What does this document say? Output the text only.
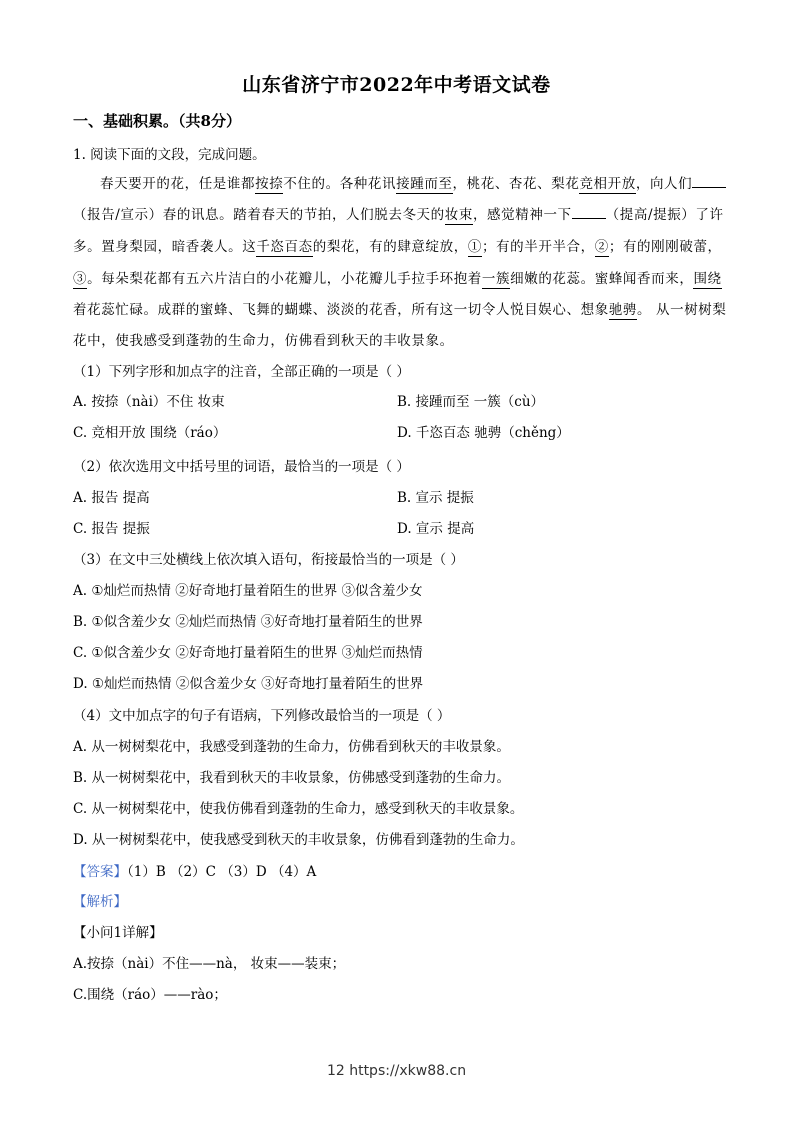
山东省济宁市2022年中考语文试卷
一、基础积累。（共8分）
1. 阅读下面的文段，完成问题。
春天要开的花，任是谁都按捺不住的。各种花讯接踵而至，桃花、杏花、梨花竞相开放，向人们
（报告/宣示）春的讯息。踏着春天的节拍，人们脱去冬天的妆束，感觉精神一下	（提高/提振）了许
多。置身梨园，暗香袭人。这千恣百态的梨花，有的肆意绽放，①；有的半开半合，②；有的刚刚破蕾，
③。每朵梨花都有五六片洁白的小花瓣儿，小花瓣儿手拉手环抱着一簇细嫩的花蕊。蜜蜂闻香而来，围绕
着花蕊忙碌。成群的蜜蜂、飞舞的蝴蝶、淡淡的花香，所有这一切令人悦目娱心、想象驰骋。 从一树树梨
花中，使我感受到蓬勃的生命力，仿佛看到秋天的丰收景象。
（1）下列字形和加点字的注音，全部正确的一项是（ ）
A. 按捺（nài）不住 妆束	B. 接踵而至 一簇（cù）
C. 竞相开放 围绕（ráo）	D. 千恣百态 驰骋（chěng）
（2）依次选用文中括号里的词语，最恰当的一项是（ ）
A. 报告 提高	B. 宣示 提振
C. 报告 提振	D. 宣示 提高
（3）在文中三处横线上依次填入语句，衔接最恰当的一项是（ ）
A. ①灿烂而热情 ②好奇地打量着陌生的世界 ③似含羞少女
B. ①似含羞少女 ②灿烂而热情 ③好奇地打量着陌生的世界
C. ①似含羞少女 ②好奇地打量着陌生的世界 ③灿烂而热情
D. ①灿烂而热情 ②似含羞少女 ③好奇地打量着陌生的世界
（4）文中加点字的句子有语病，下列修改最恰当的一项是（ ）
A. 从一树树梨花中，我感受到蓬勃的生命力，仿佛看到秋天的丰收景象。
B. 从一树树梨花中，我看到秋天的丰收景象，仿佛感受到蓬勃的生命力。
C. 从一树树梨花中，使我仿佛看到蓬勃的生命力，感受到秋天的丰收景象。
D. 从一树树梨花中，使我感受到秋天的丰收景象，仿佛看到蓬勃的生命力。
【答案】（1）B （2）C （3）D （4）A
【解析】
【小问1详解】
A.按捺（nài）不住——nà， 妆束——装束；
C.围绕（ráo）——rào；
12 https://xkw88.cn
